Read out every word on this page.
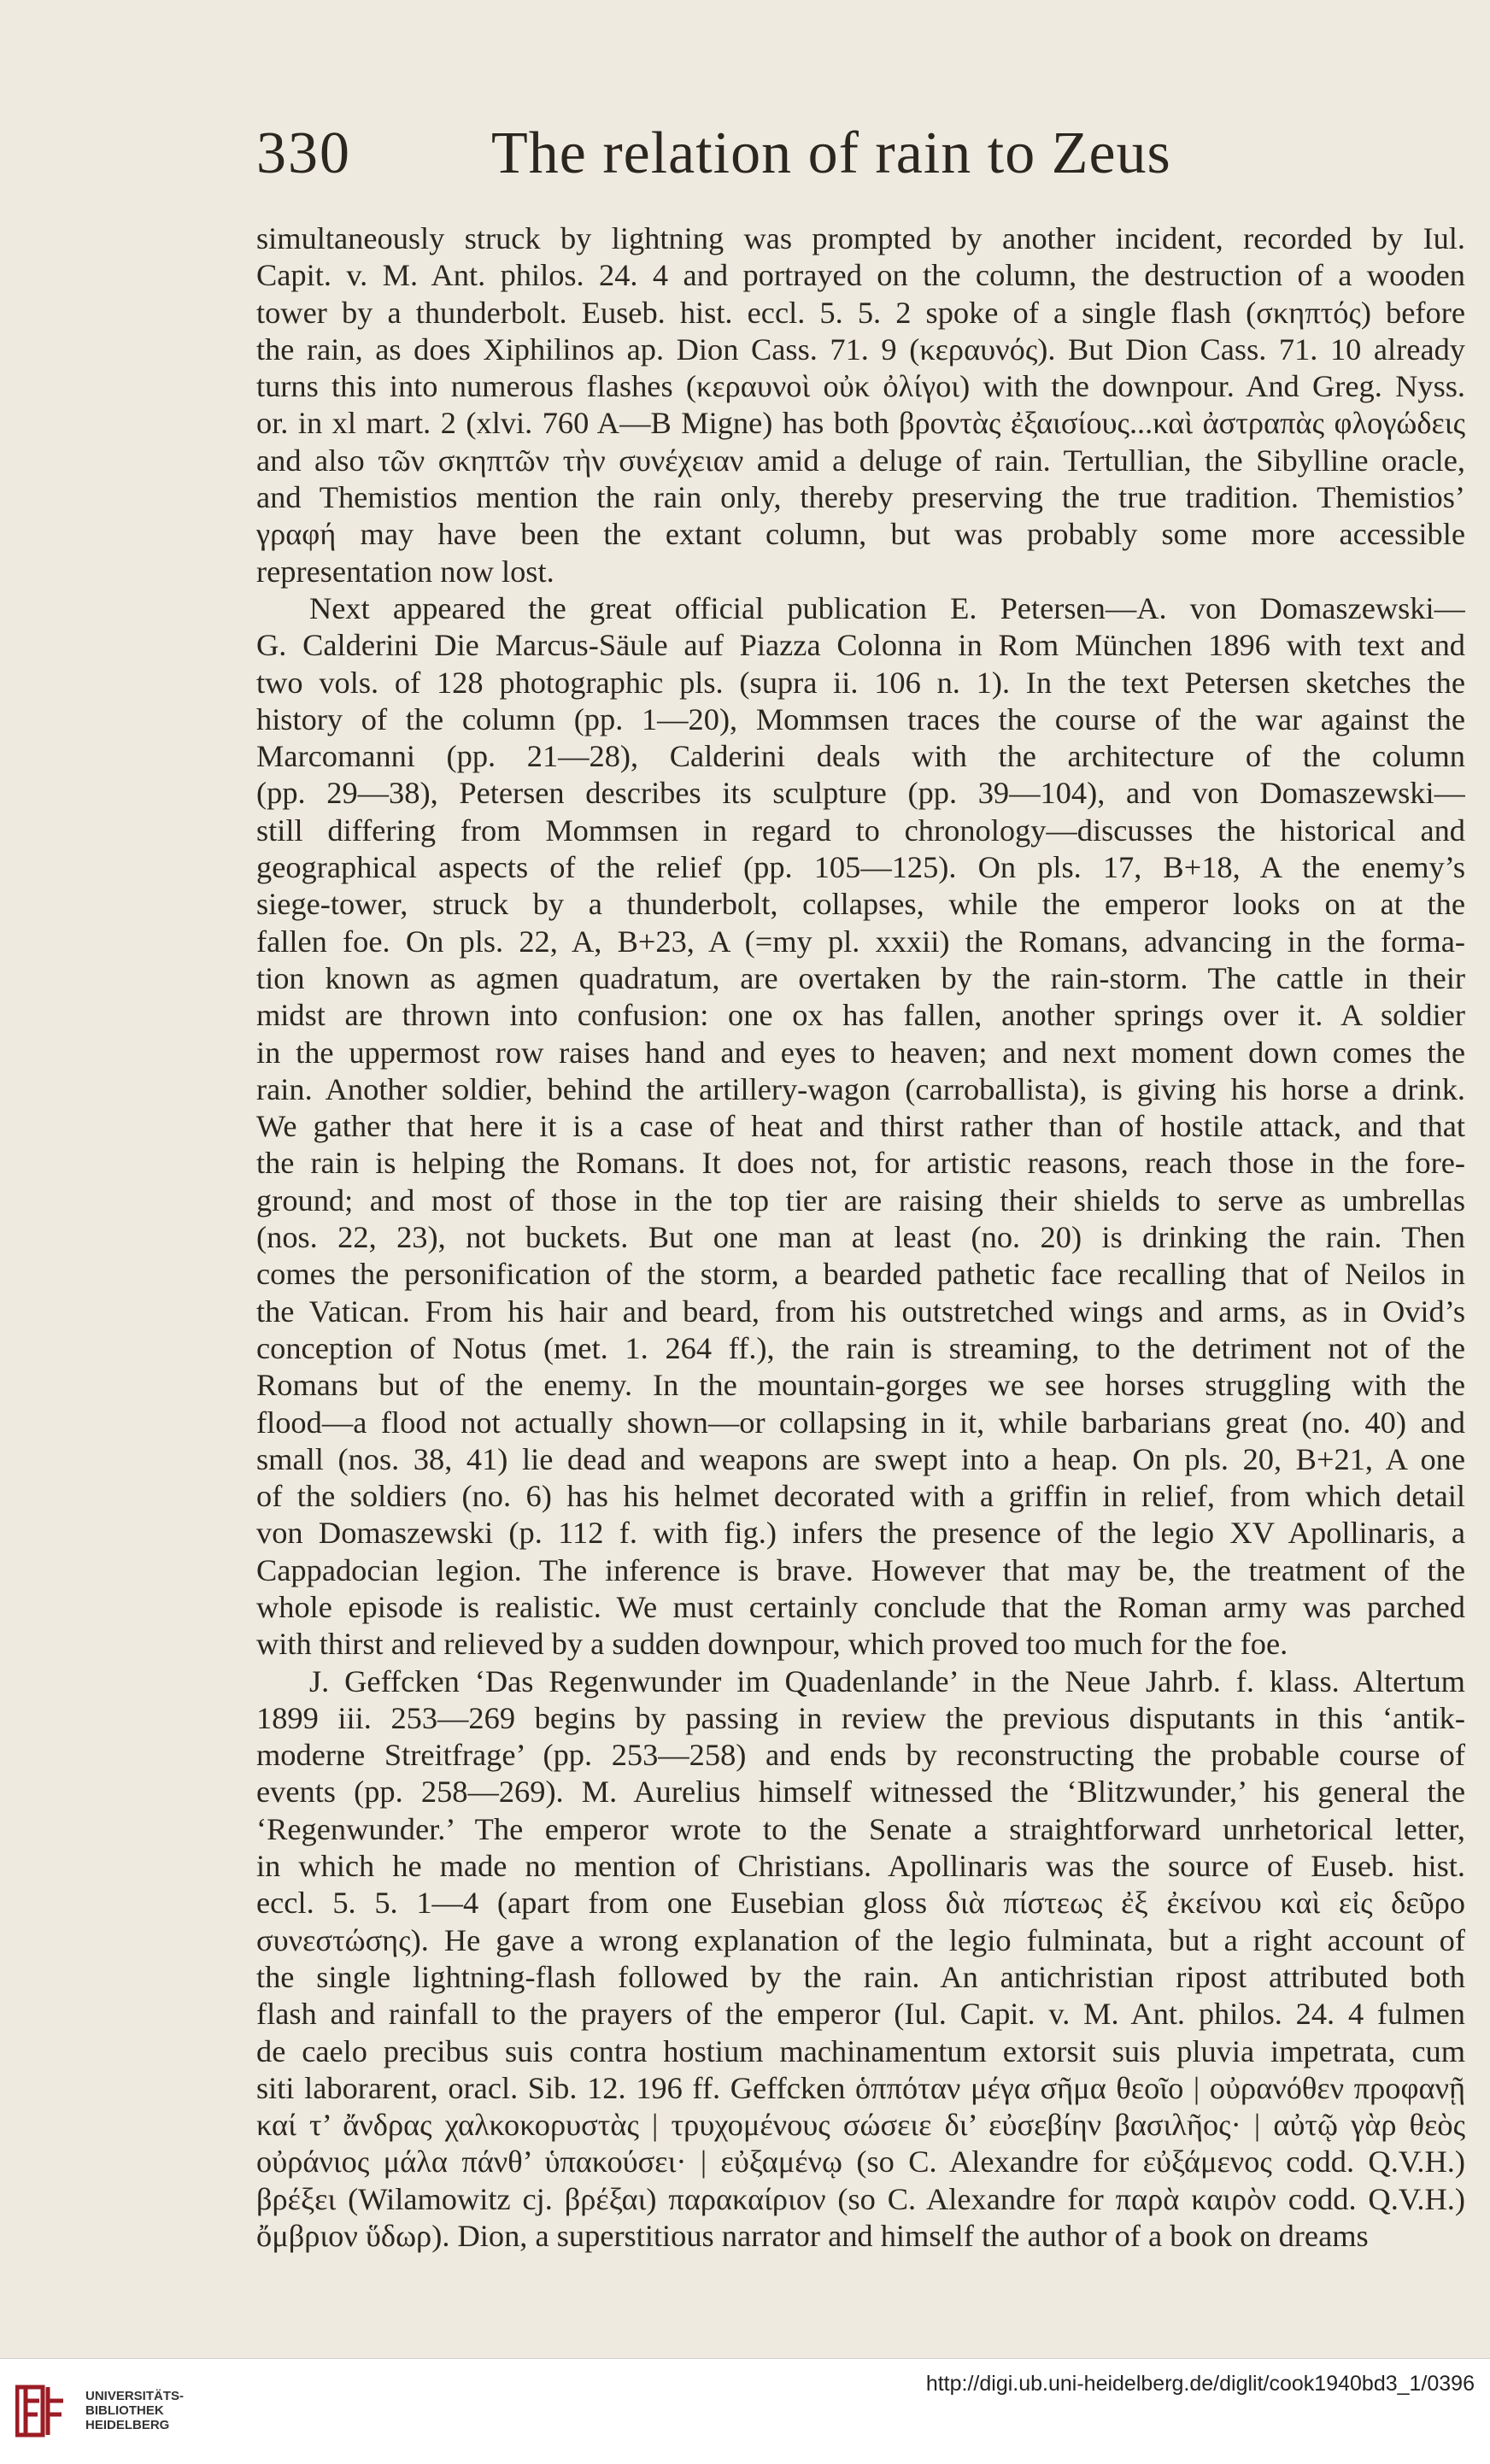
330 The relation of rain to Zeus
simultaneously struck by lightning was prompted by another incident, recorded by Iul.
Capit. v. M. Ant. philos. 24. 4 and portrayed on the column, the destruction of a wooden
tower by a thunderbolt. Euseb. hist. eccl. 5. 5. 2 spoke of a single flash (σκηπτός) before
the rain, as does Xiphilinos ap. Dion Cass. 71. 9 (κεραυνός). But Dion Cass. 71. 10 already
turns this into numerous flashes (κεραυνοὶ οὐκ ὀλίγοι) with the downpour. And Greg. Nyss.
or. in xl mart. 2 (xlvi. 760 A—B Migne) has both βροντὰς ἐξαισίους...καὶ ἀστραπὰς φλογώδεις
and also τῶν σκηπτῶν τὴν συνέχειαν amid a deluge of rain. Tertullian, the Sibylline oracle,
and Themistios mention the rain only, thereby preserving the true tradition. Themistios’
γραφή may have been the extant column, but was probably some more accessible
representation now lost.
Next appeared the great official publication E. Petersen—A. von Domaszewski—
G. Calderini Die Marcus-Säule auf Piazza Colonna in Rom München 1896 with text and
two vols. of 128 photographic pls. (supra ii. 106 n. 1). In the text Petersen sketches the
history of the column (pp. 1—20), Mommsen traces the course of the war against the
Marcomanni (pp. 21—28), Calderini deals with the architecture of the column
(pp. 29—38), Petersen describes its sculpture (pp. 39—104), and von Domaszewski—
still differing from Mommsen in regard to chronology—discusses the historical and
geographical aspects of the relief (pp. 105—125). On pls. 17, B+18, A the enemy’s
siege-tower, struck by a thunderbolt, collapses, while the emperor looks on at the
fallen foe. On pls. 22, A, B+23, A (=my pl. xxxii) the Romans, advancing in the forma-
tion known as agmen quadratum, are overtaken by the rain-storm. The cattle in their
midst are thrown into confusion: one ox has fallen, another springs over it. A soldier
in the uppermost row raises hand and eyes to heaven; and next moment down comes the
rain. Another soldier, behind the artillery-wagon (carroballista), is giving his horse a drink.
We gather that here it is a case of heat and thirst rather than of hostile attack, and that
the rain is helping the Romans. It does not, for artistic reasons, reach those in the fore-
ground; and most of those in the top tier are raising their shields to serve as umbrellas
(nos. 22, 23), not buckets. But one man at least (no. 20) is drinking the rain. Then
comes the personification of the storm, a bearded pathetic face recalling that of Neilos in
the Vatican. From his hair and beard, from his outstretched wings and arms, as in Ovid’s
conception of Notus (met. 1. 264 ff.), the rain is streaming, to the detriment not of the
Romans but of the enemy. In the mountain-gorges we see horses struggling with the
flood—a flood not actually shown—or collapsing in it, while barbarians great (no. 40) and
small (nos. 38, 41) lie dead and weapons are swept into a heap. On pls. 20, B+21, A one
of the soldiers (no. 6) has his helmet decorated with a griffin in relief, from which detail
von Domaszewski (p. 112 f. with fig.) infers the presence of the legio XV Apollinaris, a
Cappadocian legion. The inference is brave. However that may be, the treatment of the
whole episode is realistic. We must certainly conclude that the Roman army was parched
with thirst and relieved by a sudden downpour, which proved too much for the foe.
J. Geffcken ‘Das Regenwunder im Quadenlande’ in the Neue Jahrb. f. klass. Altertum
1899 iii. 253—269 begins by passing in review the previous disputants in this ‘antik-
moderne Streitfrage’ (pp. 253—258) and ends by reconstructing the probable course of
events (pp. 258—269). M. Aurelius himself witnessed the ‘Blitzwunder,’ his general the
‘Regenwunder.’ The emperor wrote to the Senate a straightforward unrhetorical letter,
in which he made no mention of Christians. Apollinaris was the source of Euseb. hist.
eccl. 5. 5. 1—4 (apart from one Eusebian gloss διὰ πίστεως ἐξ ἐκείνου καὶ εἰς δεῦρο
συνεστώσης). He gave a wrong explanation of the legio fulminata, but a right account of
the single lightning-flash followed by the rain. An antichristian ripost attributed both
flash and rainfall to the prayers of the emperor (Iul. Capit. v. M. Ant. philos. 24. 4 fulmen
de caelo precibus suis contra hostium machinamentum extorsit suis pluvia impetrata, cum
siti laborarent, oracl. Sib. 12. 196 ff. Geffcken ὁππόταν μέγα σῆμα θεοῖο | οὐρανόθεν προφανῇ
καί τ’ ἄνδρας χαλκοκορυστὰς | τρυχομένους σώσειε δι’ εὐσεβίην βασιλῆος· | αὐτῷ γὰρ θεὸς
οὐράνιος μάλα πάνθ’ ὑπακούσει· | εὐξαμένῳ (so C. Alexandre for εὐξάμενος codd. Q.V.H.)
βρέξει (Wilamowitz cj. βρέξαι) παρακαίριον (so C. Alexandre for παρὰ καιρὸν codd. Q.V.H.)
ὄμβριον ὕδωρ). Dion, a superstitious narrator and himself the author of a book on dreams
UNIVERSITÄTS-
BIBLIOTHEK
HEIDELBERG
http://digi.ub.uni-heidelberg.de/diglit/cook1940bd3_1/0396
